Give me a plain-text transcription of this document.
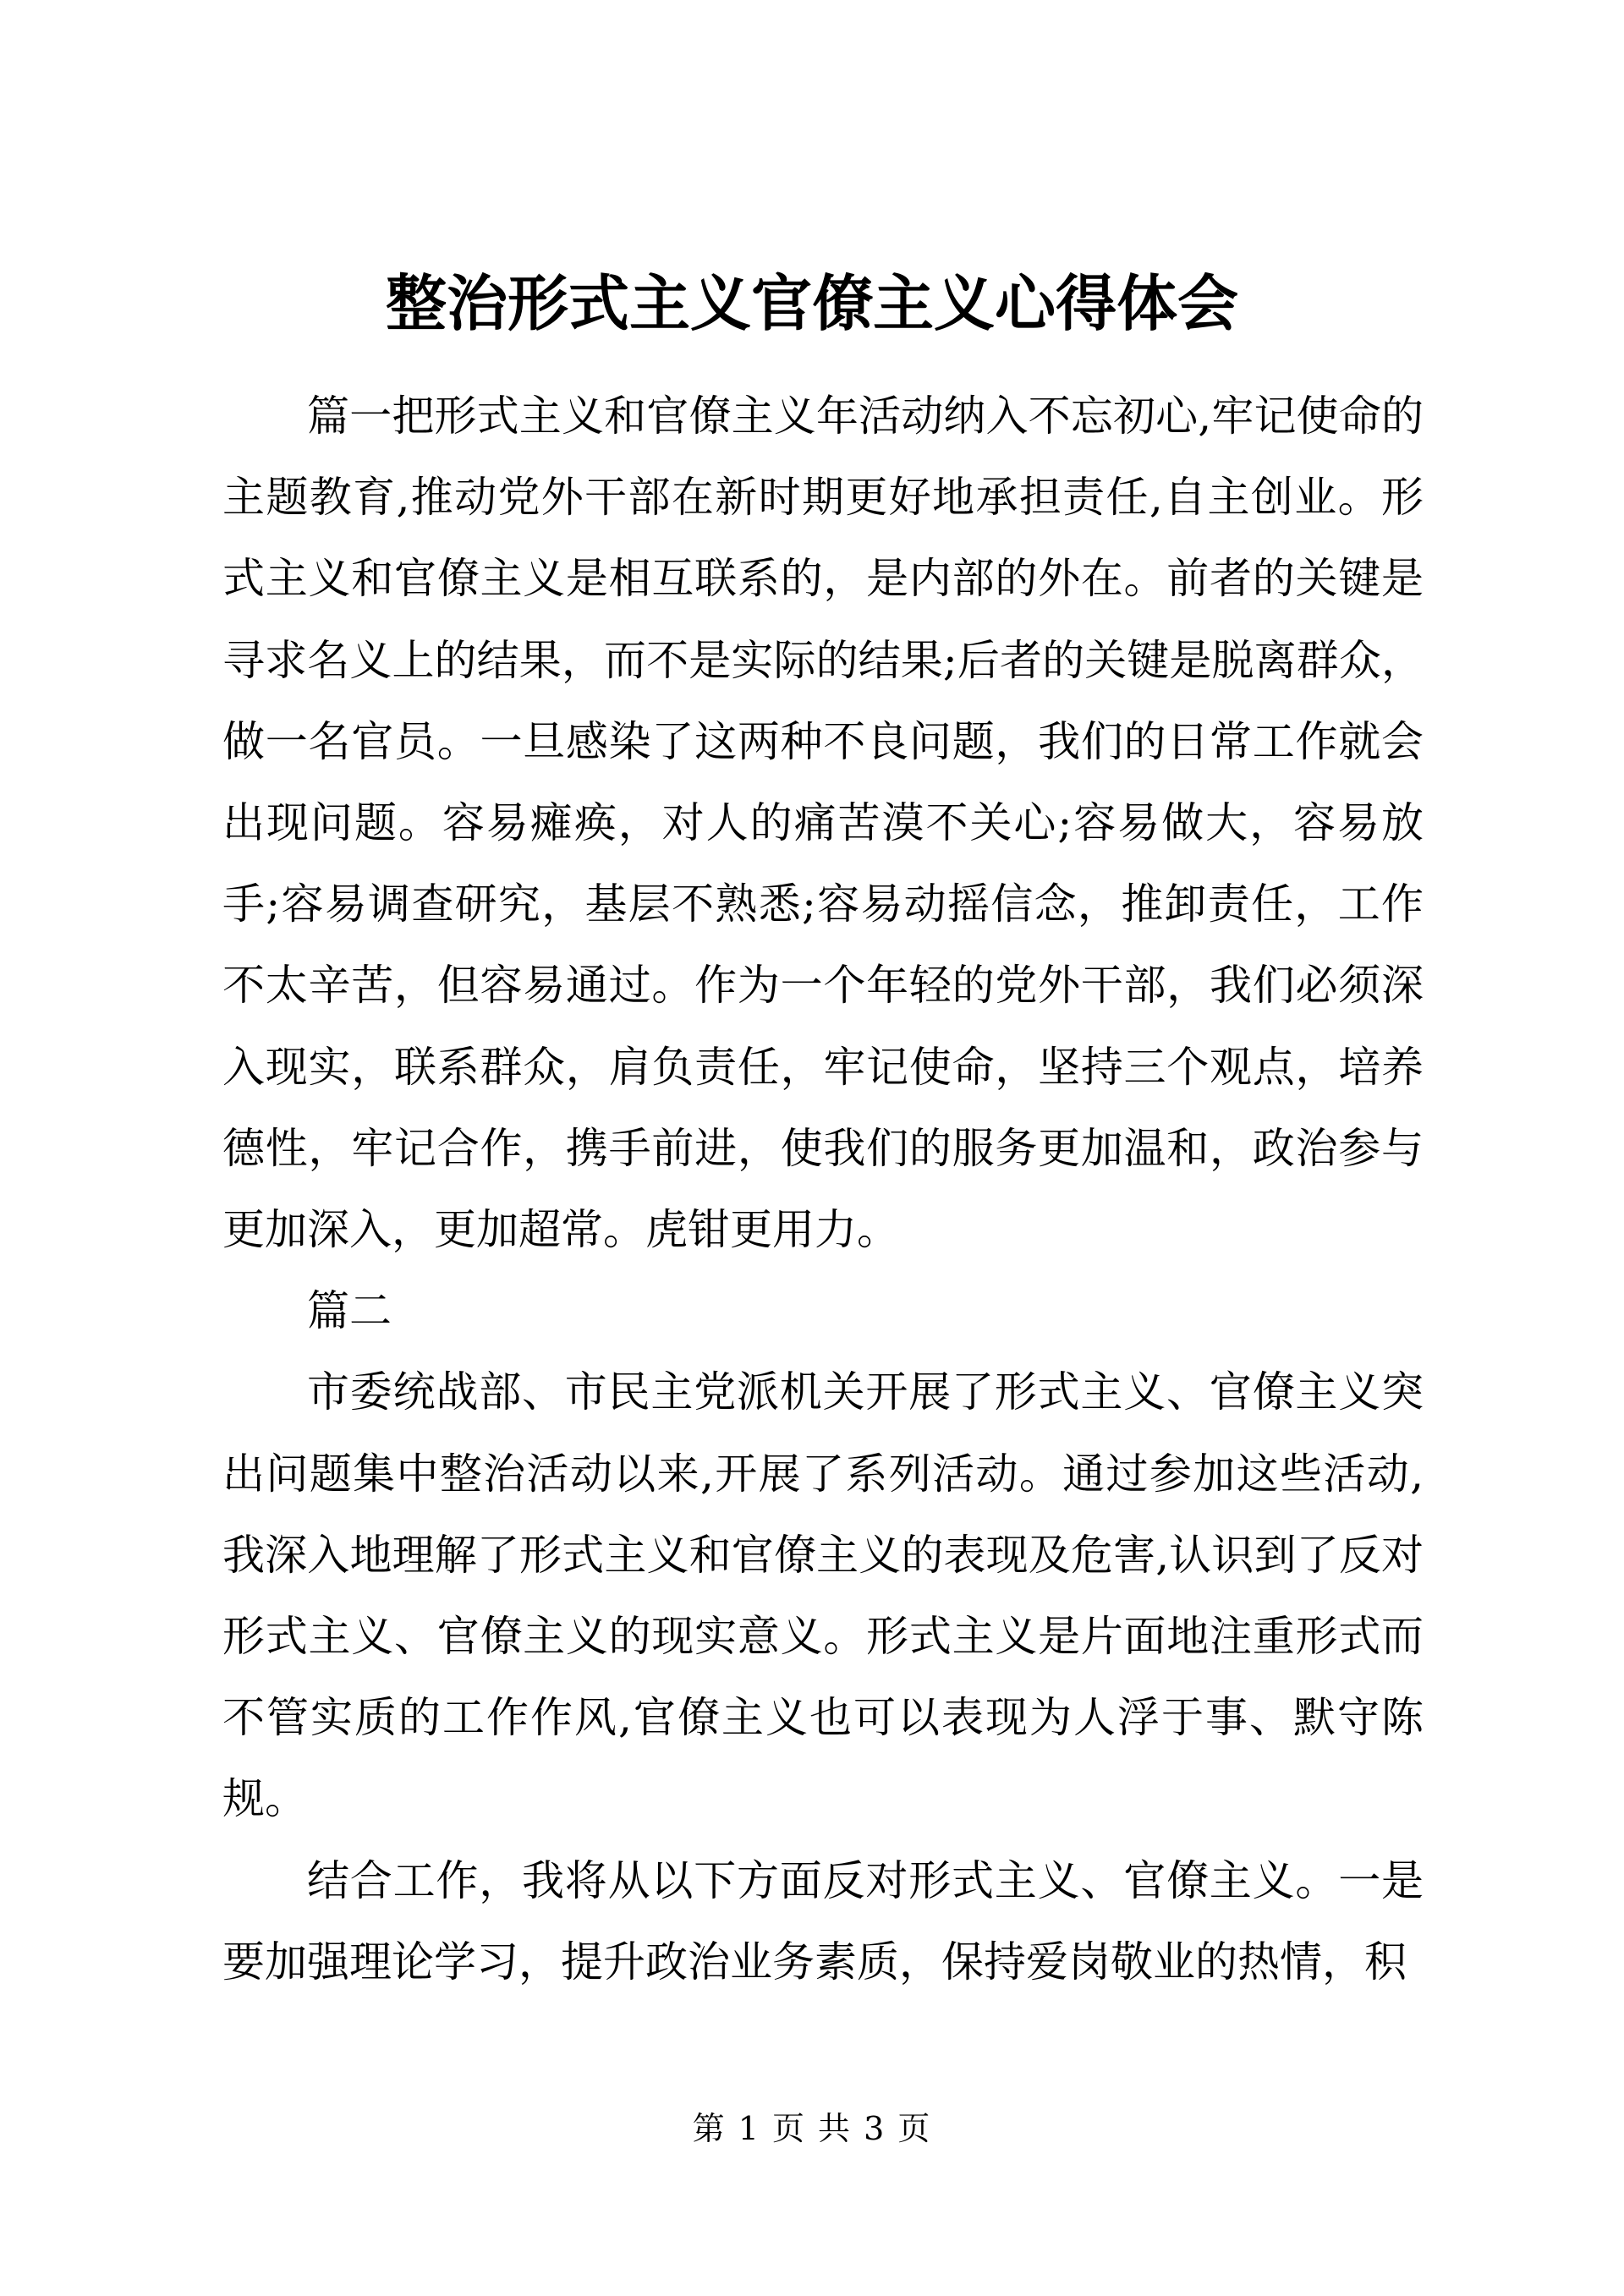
整治形式主义官僚主义心得体会

篇一把形式主义和官僚主义年活动纳入不忘初心,牢记使命的主题教育,推动党外干部在新时期更好地承担责任,自主创业。形式主义和官僚主义是相互联系的，是内部的外在。前者的关键是寻求名义上的结果，而不是实际的结果;后者的关键是脱离群众，做一名官员。一旦感染了这两种不良问题，我们的日常工作就会出现问题。容易瘫痪，对人的痛苦漠不关心;容易做大，容易放手;容易调查研究，基层不熟悉;容易动摇信念，推卸责任，工作不太辛苦，但容易通过。作为一个年轻的党外干部，我们必须深入现实，联系群众，肩负责任，牢记使命，坚持三个观点，培养德性，牢记合作，携手前进，使我们的服务更加温和，政治参与更加深入，更加超常。虎钳更用力。

篇二

市委统战部、市民主党派机关开展了形式主义、官僚主义突出问题集中整治活动以来,开展了系列活动。通过参加这些活动,我深入地理解了形式主义和官僚主义的表现及危害,认识到了反对形式主义、官僚主义的现实意义。形式主义是片面地注重形式而不管实质的工作作风,官僚主义也可以表现为人浮于事、默守陈规。

结合工作，我将从以下方面反对形式主义、官僚主义。一是要加强理论学习，提升政治业务素质，保持爱岗敬业的热情，积

第 1 页 共 3 页
